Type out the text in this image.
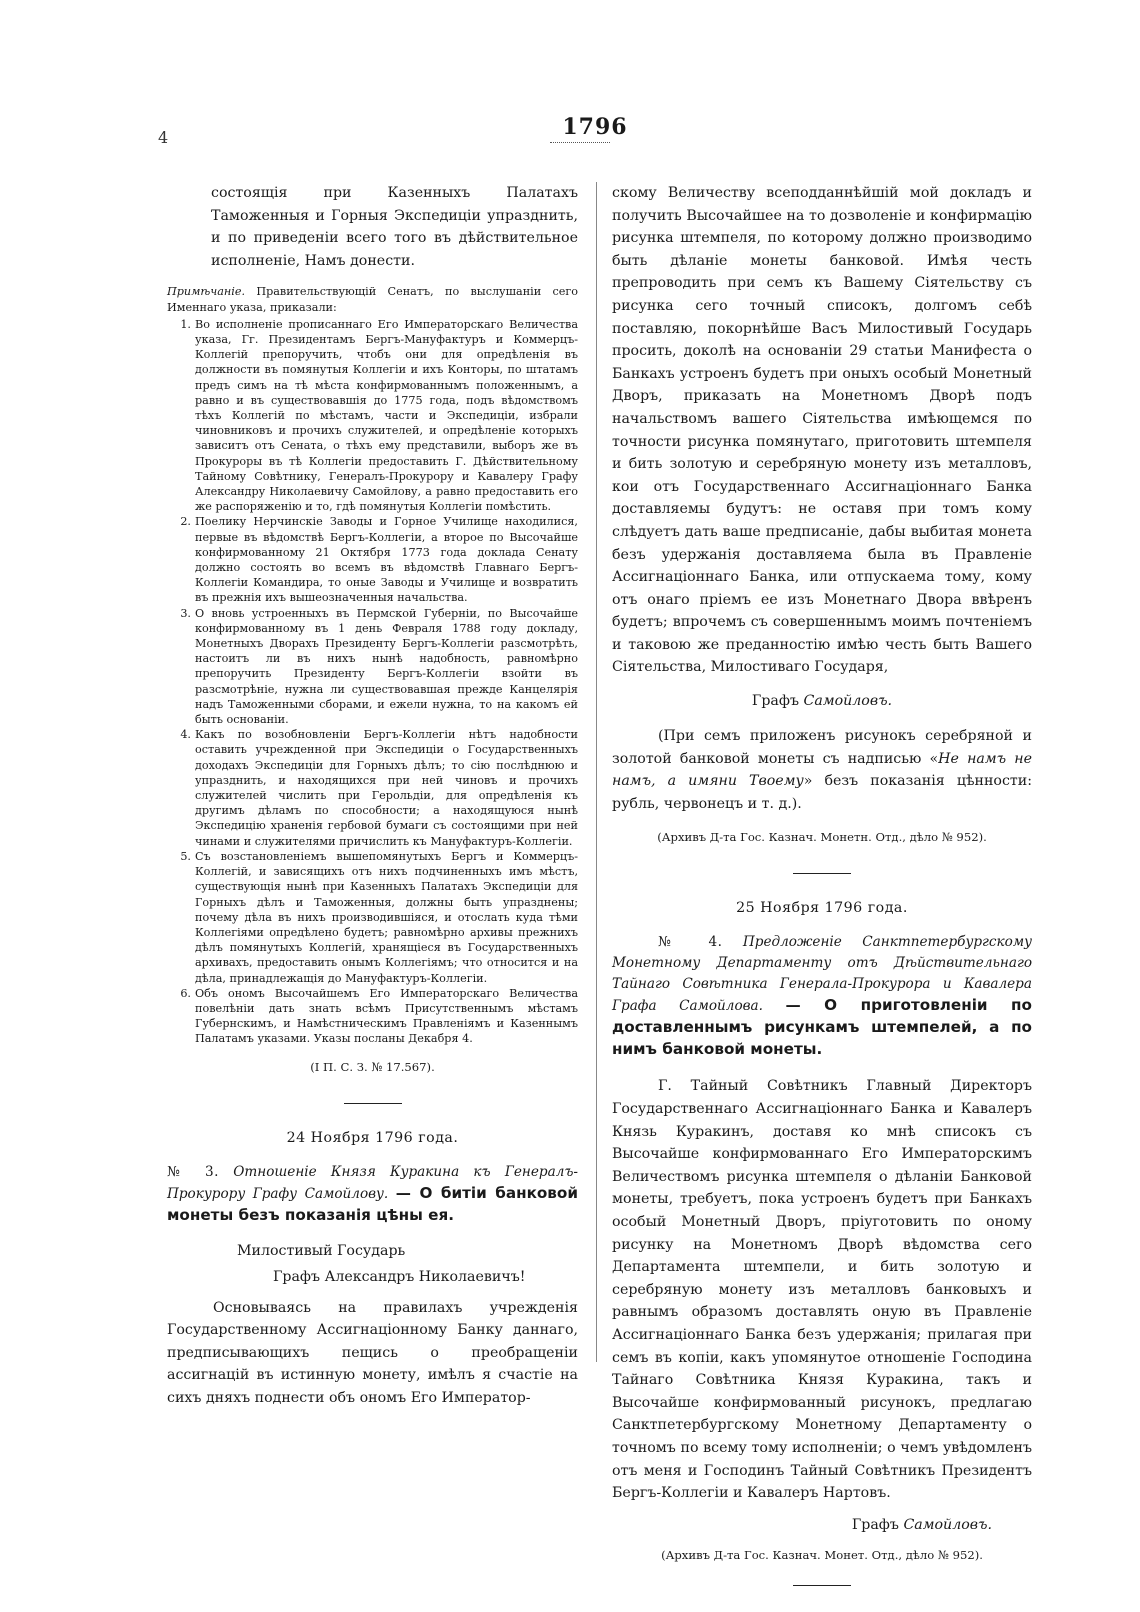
4	1796

состоящія при Казенныхъ Палатахъ Таможенныя и Горныя Экспедиціи упразднить, и по приведеніи всего того въ дѣйствительное исполненіе, Намъ донести.

Примѣчаніе. Правительствующій Сенатъ, по выслушаніи сего Именнаго указа, приказали:

1. Во исполненіе прописаннаго Его Императорскаго Величества указа, Гг. Президентамъ Бергъ-Мануфактуръ и Коммерцъ-Коллегій препоручить, чтобъ они для опредѣленія въ должности въ помянутыя Коллегіи и ихъ Конторы, по штатамъ предъ симъ на тѣ мѣста конфирмованнымъ положеннымъ, а равно и въ существовавшія до 1775 года, подъ вѣдомствомъ тѣхъ Коллегій по мѣстамъ, части и Экспедиціи, избрали чиновниковъ и прочихъ служителей, и опредѣленіе которыхъ зависитъ отъ Сената, о тѣхъ ему представили, выборъ же въ Прокуроры въ тѣ Коллегіи предоставить Г. Дѣйствительному Тайному Совѣтнику, Генералъ-Прокурору и Кавалеру Графу Александру Николаевичу Самойлову, а равно предоставить его же распоряженію и то, гдѣ помянутыя Коллегіи помѣстить.
2. Поелику Нерчинскіе Заводы и Горное Училище находилися, первые въ вѣдомствѣ Бергъ-Коллегіи, а второе по Высочайше конфирмованному 21 Октября 1773 года доклада Сенату должно состоять во всемъ въ вѣдомствѣ Главнаго Бергъ-Коллегіи Командира, то оные Заводы и Училище и возвратить въ прежнія ихъ вышеозначенныя начальства.
3. О вновь устроенныхъ въ Пермской Губерніи, по Высочайше конфирмованному въ 1 день Февраля 1788 году докладу, Монетныхъ Дворахъ Президенту Бергъ-Коллегіи разсмотрѣть, настоитъ ли въ нихъ нынѣ надобность, равномѣрно препоручить Президенту Бергъ-Коллегіи взойти въ разсмотрѣніе, нужна ли существовавшая прежде Канцелярія надъ Таможенными сборами, и ежели нужна, то на какомъ ей быть основаніи.
4. Какъ по возобновленіи Бергъ-Коллегіи нѣтъ надобности оставить учрежденной при Экспедиціи о Государственныхъ доходахъ Экспедиціи для Горныхъ дѣлъ; то сію послѣднюю и упразднить, и находящихся при ней чиновъ и прочихъ служителей числить при Герольдіи, для опредѣленія къ другимъ дѣламъ по способности; а находящуюся нынѣ Экспедицію храненія гербовой бумаги съ состоящими при ней чинами и служителями причислить къ Мануфактуръ-Коллегіи.
5. Съ возстановленіемъ вышепомянутыхъ Бергъ и Коммерцъ-Коллегій, и зависящихъ отъ нихъ подчиненныхъ имъ мѣстъ, существующія нынѣ при Казенныхъ Палатахъ Экспедиціи для Горныхъ дѣлъ и Таможенныя, должны быть упразднены; почему дѣла въ нихъ производившіяся, и отослать куда тѣми Коллегіями опредѣлено будетъ; равномѣрно архивы прежнихъ дѣлъ помянутыхъ Коллегій, хранящіеся въ Государственныхъ архивахъ, предоставить онымъ Коллегіямъ; что относится и на дѣла, принадлежащія до Мануфактуръ-Коллегіи.
6. Объ ономъ Высочайшемъ Его Императорскаго Величества повелѣніи дать знать всѣмъ Присутственнымъ мѣстамъ Губернскимъ, и Намѣстническимъ Правленіямъ и Казеннымъ Палатамъ указами. Указы посланы Декабря 4.

(I П. С. З. № 17.567).

24 Ноября 1796 года.

№ 3. Отношеніе Князя Куракина къ Генералъ-Прокурору Графу Самойлову. — О битіи банковой монеты безъ показанія цѣны ея.

Милостивый Государь

Графъ Александръ Николаевичъ!

Основываясь на правилахъ учрежденія Государственному Ассигнаціонному Банку даннаго, предписывающихъ пещись о преобращеніи ассигнацій въ истинную монету, имѣлъ я счастіе на сихъ дняхъ поднести объ ономъ Его Император-

скому Величеству всеподданнѣйшій мой докладъ и получить Высочайшее на то дозволеніе и конфирмацію рисунка штемпеля, по которому должно производимо быть дѣланіе монеты банковой. Имѣя честь препроводить при семъ къ Вашему Сіятельству съ рисунка сего точный списокъ, долгомъ себѣ поставляю, покорнѣйше Васъ Милостивый Государь просить, доколѣ на основаніи 29 статьи Манифеста о Банкахъ устроенъ будетъ при оныхъ особый Монетный Дворъ, приказать на Монетномъ Дворѣ подъ начальствомъ вашего Сіятельства имѣющемся по точности рисунка помянутаго, приготовить штемпеля и бить золотую и серебряную монету изъ металловъ, кои отъ Государственнаго Ассигнаціоннаго Банка доставляемы будутъ: не оставя при томъ кому слѣдуетъ дать ваше предписаніе, дабы выбитая монета безъ удержанія доставляема была въ Правленіе Ассигнаціоннаго Банка, или отпускаема тому, кому отъ онаго пріемъ ее изъ Монетнаго Двора ввѣренъ будетъ; впрочемъ съ совершеннымъ моимъ почтеніемъ и таковою же преданностію имѣю честь быть Вашего Сіятельства, Милостиваго Государя,

Графъ Самойловъ.

(При семъ приложенъ рисунокъ серебряной и золотой банковой монеты съ надписью «Не намъ не намъ, а имяни Твоему» безъ показанія цѣнности: рубль, червонецъ и т. д.).

(Архивъ Д-та Гос. Казнач. Монетн. Отд., дѣло № 952).

25 Ноября 1796 года.

№ 4. Предложеніе Санктпетербургскому Монетному Департаменту отъ Дѣйствительнаго Тайнаго Совѣтника Генерала-Прокурора и Кавалера Графа Самойлова. — О приготовленіи по доставленнымъ рисункамъ штемпелей, а по нимъ банковой монеты.

Г. Тайный Совѣтникъ Главный Директоръ Государственнаго Ассигнаціоннаго Банка и Кавалеръ Князь Куракинъ, доставя ко мнѣ списокъ съ Высочайше конфирмованнаго Его Императорскимъ Величествомъ рисунка штемпеля о дѣланіи Банковой монеты, требуетъ, пока устроенъ будетъ при Банкахъ особый Монетный Дворъ, пріуготовить по оному рисунку на Монетномъ Дворѣ вѣдомства сего Департамента штемпели, и бить золотую и серебряную монету изъ металловъ банковыхъ и равнымъ образомъ доставлять оную въ Правленіе Ассигнаціоннаго Банка безъ удержанія; прилагая при семъ въ копіи, какъ упомянутое отношеніе Господина Тайнаго Совѣтника Князя Куракина, такъ и Высочайше конфирмованный рисунокъ, предлагаю Санктпетербургскому Монетному Департаменту о точномъ по всему тому исполненіи; о чемъ увѣдомленъ отъ меня и Господинъ Тайный Совѣтникъ Президентъ Бергъ-Коллегіи и Кавалеръ Нартовъ.

Графъ Самойловъ.

(Архивъ Д-та Гос. Казнач. Монет. Отд., дѣло № 952).
